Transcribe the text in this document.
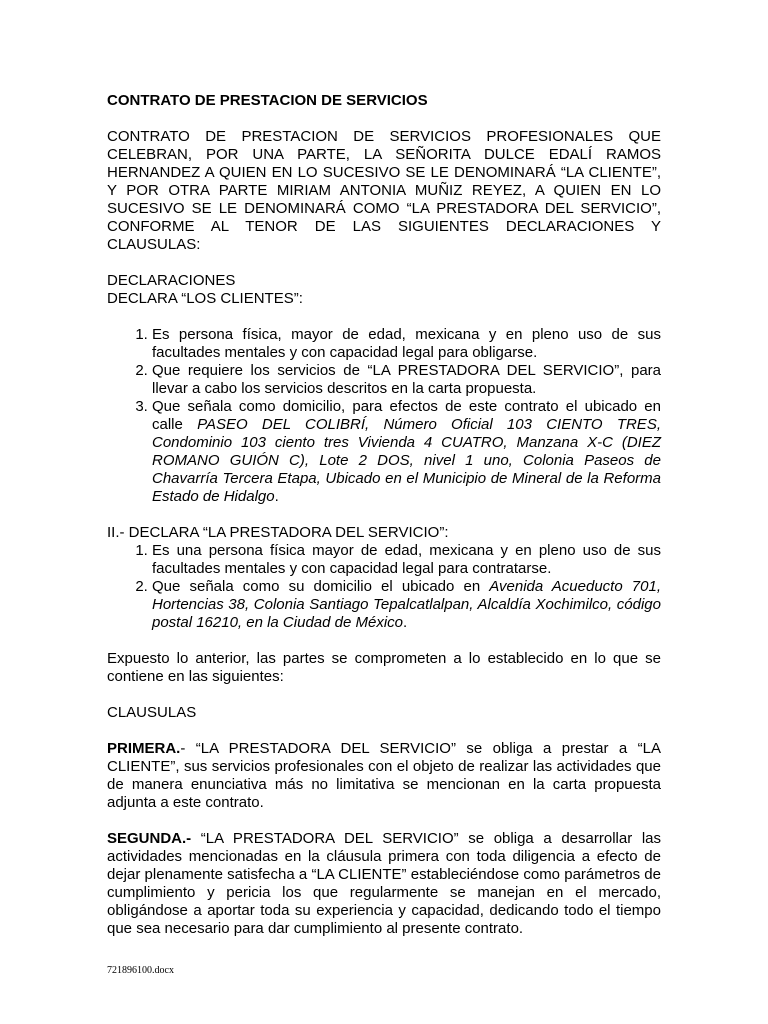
CONTRATO DE PRESTACION DE SERVICIOS

CONTRATO DE PRESTACION DE SERVICIOS PROFESIONALES QUE CELEBRAN, POR UNA PARTE, LA SEÑORITA DULCE EDALÍ RAMOS HERNANDEZ A QUIEN EN LO SUCESIVO SE LE DENOMINARÁ “LA CLIENTE”, Y POR OTRA PARTE MIRIAM ANTONIA MUÑIZ REYEZ, A QUIEN EN LO SUCESIVO SE LE DENOMINARÁ COMO “LA PRESTADORA DEL SERVICIO”, CONFORME AL TENOR DE LAS SIGUIENTES DECLARACIONES Y CLAUSULAS:

DECLARACIONES

DECLARA “LOS CLIENTES”:

1. Es persona física, mayor de edad, mexicana y en pleno uso de sus facultades mentales y con capacidad legal para obligarse.
2. Que requiere los servicios de “LA PRESTADORA DEL SERVICIO”, para llevar a cabo los servicios descritos en la carta propuesta.
3. Que señala como domicilio, para efectos de este contrato el ubicado en calle PASEO DEL COLIBRÍ, Número Oficial 103 CIENTO TRES, Condominio 103 ciento tres Vivienda 4 CUATRO, Manzana X-C (DIEZ ROMANO GUIÓN C), Lote 2 DOS, nivel 1 uno, Colonia Paseos de Chavarría Tercera Etapa, Ubicado en el Municipio de Mineral de la Reforma Estado de Hidalgo.

II.- DECLARA “LA PRESTADORA DEL SERVICIO”:

1. Es una persona física mayor de edad, mexicana y en pleno uso de sus facultades mentales y con capacidad legal para contratarse.
2. Que señala como su domicilio el ubicado en Avenida Acueducto 701, Hortencias 38, Colonia Santiago Tepalcatlalpan, Alcaldía Xochimilco, código postal 16210, en la Ciudad de México.

Expuesto lo anterior, las partes se comprometen a lo establecido en lo que se contiene en las siguientes:

CLAUSULAS

PRIMERA.- “LA PRESTADORA DEL SERVICIO” se obliga a prestar a “LA CLIENTE”, sus servicios profesionales con el objeto de realizar las actividades que de manera enunciativa más no limitativa se mencionan en la carta propuesta adjunta a este contrato.

SEGUNDA.- “LA PRESTADORA DEL SERVICIO” se obliga a desarrollar las actividades mencionadas en la cláusula primera con toda diligencia a efecto de dejar plenamente satisfecha a “LA CLIENTE” estableciéndose como parámetros de cumplimiento y pericia los que regularmente se manejan en el mercado, obligándose a aportar toda su experiencia y capacidad, dedicando todo el tiempo que sea necesario para dar cumplimiento al presente contrato.

721896100.docx
